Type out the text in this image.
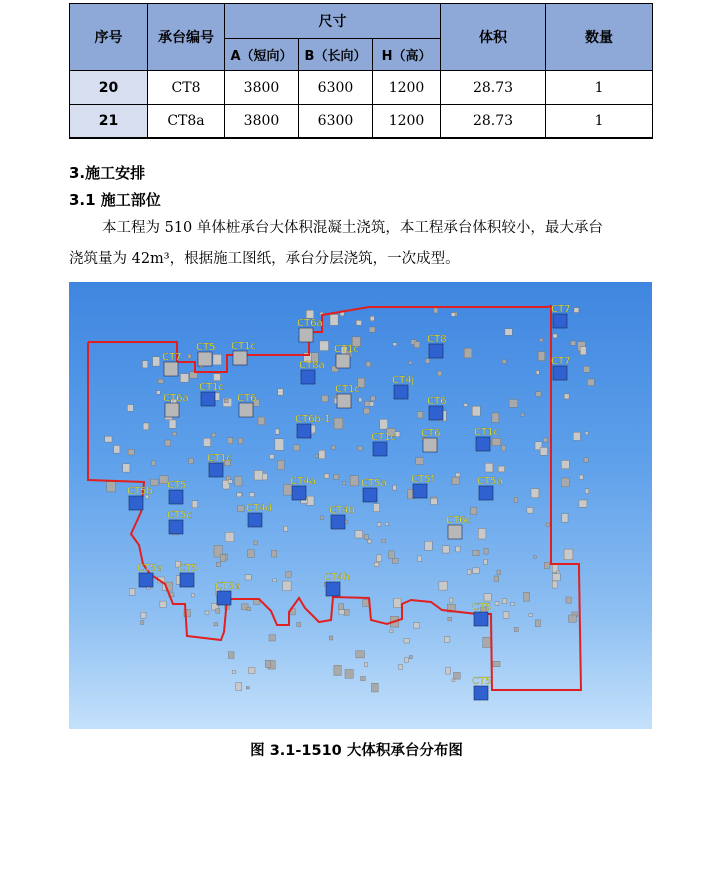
序号	承台编号	尺寸			体积	数量
		A（短向）	B（长向）	H（高）		
20	CT8	3800	6300	1200	28.73	1
21	CT8a	3800	6300	1200	28.73	1
3.施工安排
3.1 施工部位

本工程为 510 单体桩承台大体积混凝土浇筑，本工程承台体积较小，最大承台
浇筑量为 42m³，根据施工图纸，承台分层浇筑，一次成型。

CT7
CT6a
CT8
CT5 CT1c	CT1c
CT7	CT7
CT8a
CT4j
CT1c	CT1c
CT6a	CT6	CT6
CT6b-1
CT1c	CT6	CT1c
CT1c
CT4a	CT5a CT5f	CT5a
CT5
CT5b
CT4d	CT4b
CT5c	CT6c
CT5a CT5
CT4h
CT5a
CT5
CT5

图 3.1-1510 大体积承台分布图
